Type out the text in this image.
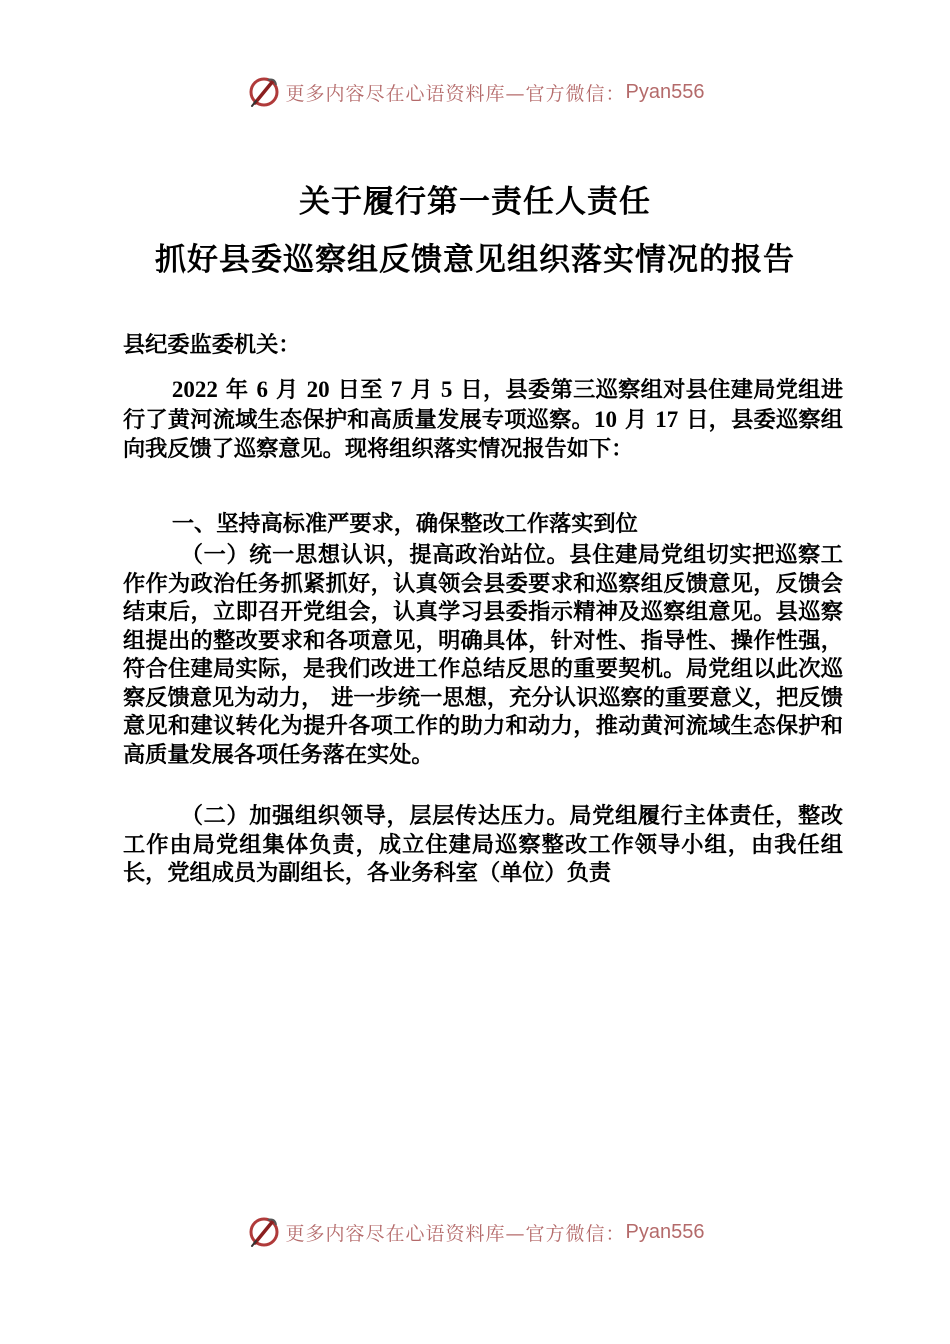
更多内容尽在心语资料库—官方微信： Pyan556
关于履行第一责任人责任
抓好县委巡察组反馈意见组织落实情况的报告
县纪委监委机关：
2022 年 6 月 20 日至 7 月 5 日，县委第三巡察组对县住建局党组进行了黄河流域生态保护和高质量发展专项巡察。10 月 17 日，县委巡察组向我反馈了巡察意见。现将组织落实情况报告如下：
一、坚持高标准严要求，确保整改工作落实到位
（一）统一思想认识，提高政治站位。县住建局党组切实把巡察工作作为政治任务抓紧抓好，认真领会县委要求和巡察组反馈意见，反馈会结束后，立即召开党组会，认真学习县委指示精神及巡察组意见。县巡察组提出的整改要求和各项意见，明确具体，针对性、指导性、操作性强，符合住建局实际，是我们改进工作总结反思的重要契机。局党组以此次巡察反馈意见为动力， 进一步统一思想，充分认识巡察的重要意义，把反馈意见和建议转化为提升各项工作的助力和动力，推动黄河流域生态保护和高质量发展各项任务落在实处。
（二）加强组织领导，层层传达压力。局党组履行主体责任，整改工作由局党组集体负责，成立住建局巡察整改工作领导小组，由我任组长，党组成员为副组长，各业务科室（单位）负责
更多内容尽在心语资料库—官方微信： Pyan556
